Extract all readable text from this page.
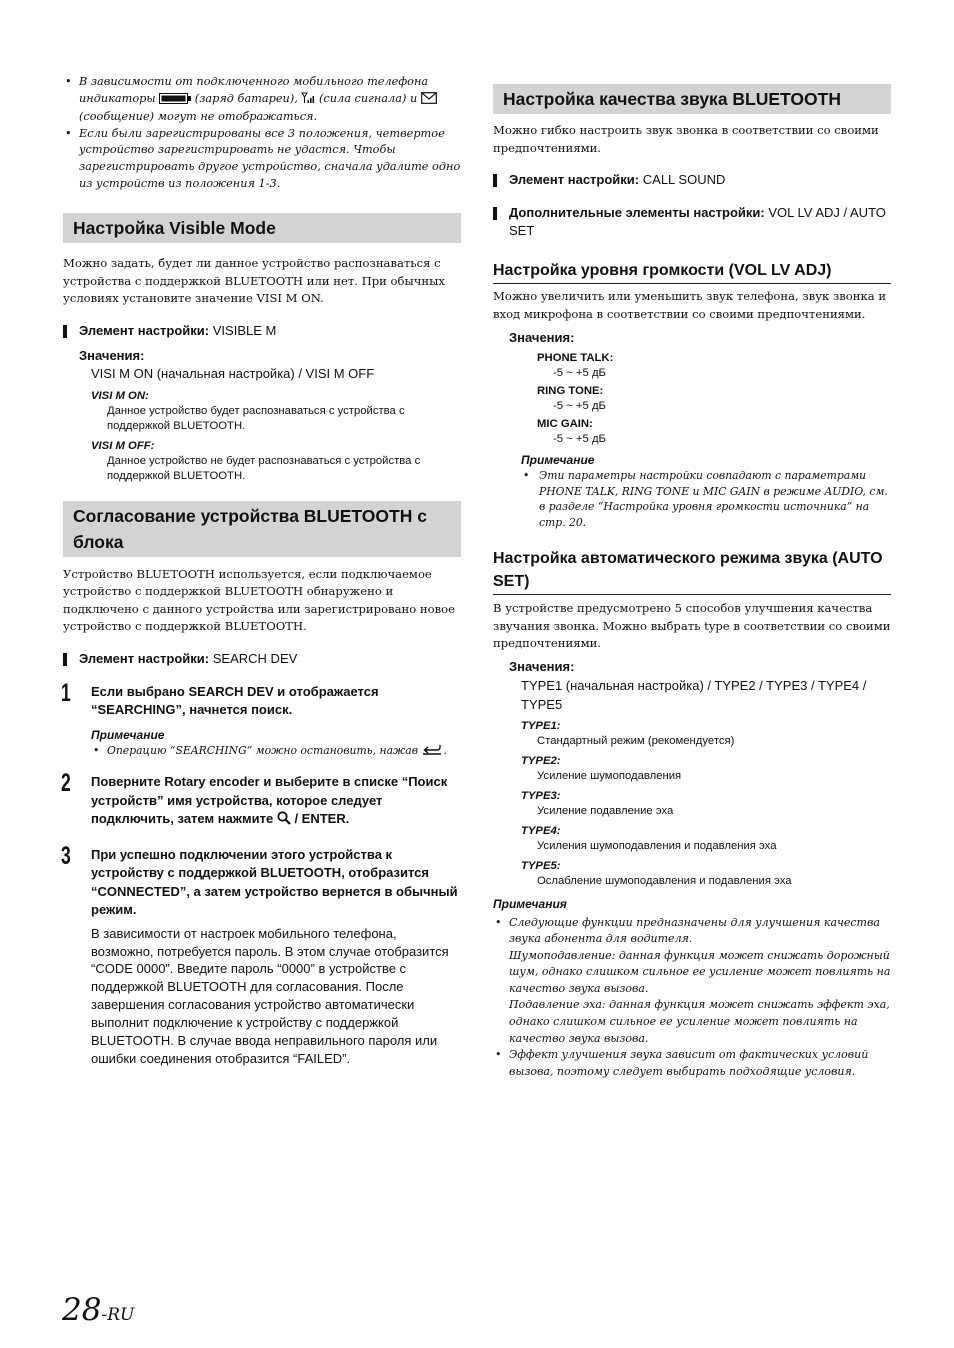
• В зависимости от подключенного мобильного телефона индикаторы	(заряд батареи), (сила сигнала) и  (сообщение) могут не отображаться.
• Если были зарегистрированы все 3 положения, четвертое устройство зарегистрировать не удастся. Чтобы зарегистрировать другое устройство, сначала удалите одно из устройств из положения 1-3.
Настройка Visible Mode

Можно задать, будет ли данное устройство распознаваться с устройства с поддержкой BLUETOOTH или нет. При обычных условиях установите значение VISI M ON.

Элемент настройки: VISIBLE M
Значения:
VISI M ON (начальная настройка) / VISI M OFF
VISI M ON:
Данное устройство будет распознаваться с устройства с поддержкой BLUETOOTH.
VISI M OFF:
Данное устройство не будет распознаваться с устройства с поддержкой BLUETOOTH.
Согласование устройства BLUETOOTH с блока

Устройство BLUETOOTH используется, если подключаемое устройство с поддержкой BLUETOOTH обнаружено и подключено с данного устройства или зарегистрировано новое устройство с поддержкой BLUETOOTH.

Элемент настройки: SEARCH DEV
1 Если выбрано SEARCH DEV и отображается “SEARCHING”, начнется поиск.
Примечание
• Операцию “SEARCHING” можно остановить, нажав .
2 Поверните Rotary encoder и выберите в списке “Поиск устройств” имя устройства, которое следует подключить, затем нажмите / ENTER.
3 При успешно подключении этого устройства к устройству с поддержкой BLUETOOTH, отобразится “CONNECTED”, а затем устройство вернется в обычный режим.
В зависимости от настроек мобильного телефона, возможно, потребуется пароль. В этом случае отобразится “CODE 0000”. Введите пароль “0000” в устройстве с поддержкой BLUETOOTH для согласования. После завершения согласования устройство автоматически выполнит подключение к устройству с поддержкой BLUETOOTH. В случае ввода неправильного пароля или ошибки соединения отобразится “FAILED”.
Настройка качества звука BLUETOOTH

Можно гибко настроить звук звонка в соответствии со своими предпочтениями.

Элемент настройки: CALL SOUND
Дополнительные элементы настройки: VOL LV ADJ / AUTO SET
Настройка уровня громкости (VOL LV ADJ)

Можно увеличить или уменьшить звук телефона, звук звонка и вход микрофона в соответствии со своими предпочтениями.

Значения:
PHONE TALK:
-5 ~ +5 дБ
RING TONE:
-5 ~ +5 дБ
MIC GAIN:
-5 ~ +5 дБ
Примечание
• Эти параметры настройки совпадают с параметрами PHONE TALK, RING TONE и MIC GAIN в режиме AUDIO, см. в разделе “Настройка уровня громкости источника” на стр. 20.
Настройка автоматического режима звука (AUTO SET)

В устройстве предусмотрено 5 способов улучшения качества звучания звонка. Можно выбрать type в соответствии со своими предпочтениями.

Значения:
TYPE1 (начальная настройка) / TYPE2 / TYPE3 / TYPE4 / TYPE5
TYPE1:
Стандартный режим (рекомендуется)
TYPE2:
Усиление шумоподавления
TYPE3:
Усиление подавление эха
TYPE4:
Усиления шумоподавления и подавления эха
TYPE5:
Ослабление шумоподавления и подавления эха
Примечания
• Следующие функции предназначены для улучшения качества звука абонента для водителя.
Шумоподавление: данная функция может снижать дорожный шум, однако слишком сильное ее усиление может повлиять на качество звука вызова.
Подавление эха: данная функция может снижать эффект эха, однако слишком сильное ее усиление может повлиять на качество звука вызова.
• Эффект улучшения звука зависит от фактических условий вызова, поэтому следует выбирать подходящие условия.
28-RU
